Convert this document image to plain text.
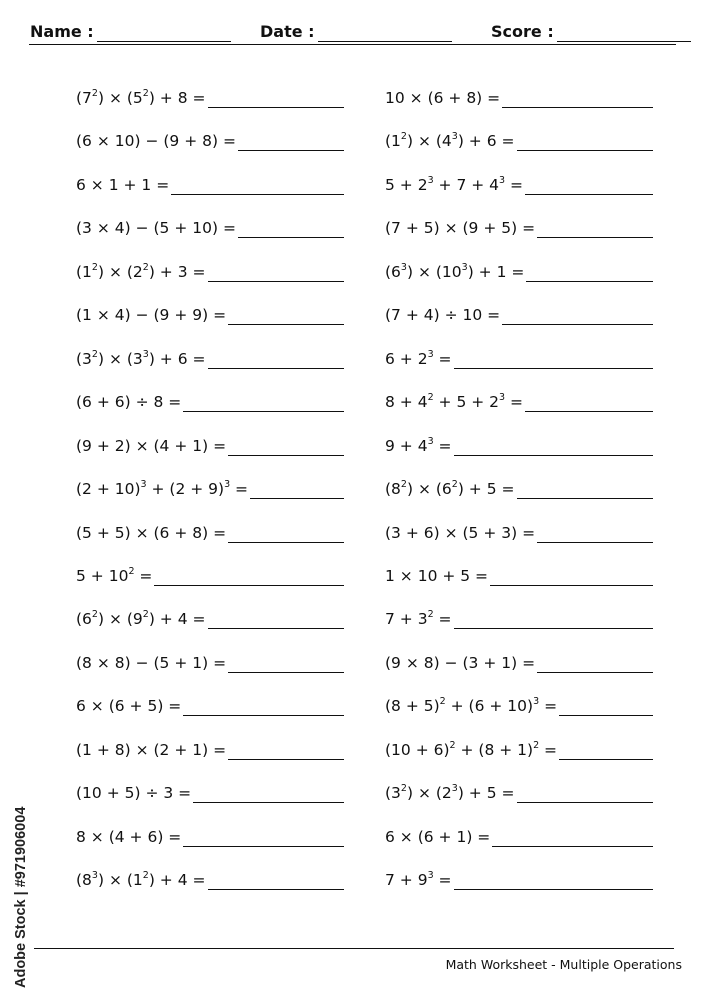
Name :	Date :	Score :
$(7^2) \times (5^2) + 8$ =	10 × (6 + 8) =
(6 × 10) − (9 + 8) =	$(1^2) \times (4^3) + 6$ =
6 × 1 + 1 =	$5 + 2^3 + 7 + 4^3$ =
(3 × 4) − (5 + 10) =	(7 + 5) × (9 + 5) =
$(1^2) \times (2^2) + 3$ =	$(6^3) \times (10^3) + 1$ =
(1 × 4) − (9 + 9) =	(7 + 4) ÷ 10 =
$(3^2) \times (3^3) + 6$ =	$6 + 2^3$ =
(6 + 6) ÷ 8 =	$8 + 4^2 + 5 + 2^3$ =
(9 + 2) × (4 + 1) =	$9 + 4^3$ =
$(2 + 10)^3 + (2 + 9)^3$ =	$(8^2) \times (6^2) + 5$ =
(5 + 5) × (6 + 8) =	(3 + 6) × (5 + 3) =
$5 + 10^2$ =	1 × 10 + 5 =
$(6^2) \times (9^2) + 4$ =	$7 + 3^2$ =
(8 × 8) − (5 + 1) =	(9 × 8) − (3 + 1) =
6 × (6 + 5) =	$(8 + 5)^2 + (6 + 10)^3$ =
(1 + 8) × (2 + 1) =	$(10 + 6)^2 + (8 + 1)^2$ =
(10 + 5) ÷ 3 =	$(3^2) \times (2^3) + 5$ =
8 × (4 + 6) =	6 × (6 + 1) =
$(8^3) \times (1^2) + 4$ =	$7 + 9^3$ =
Math Worksheet - Multiple Operations
Adobe Stock | #971906004
